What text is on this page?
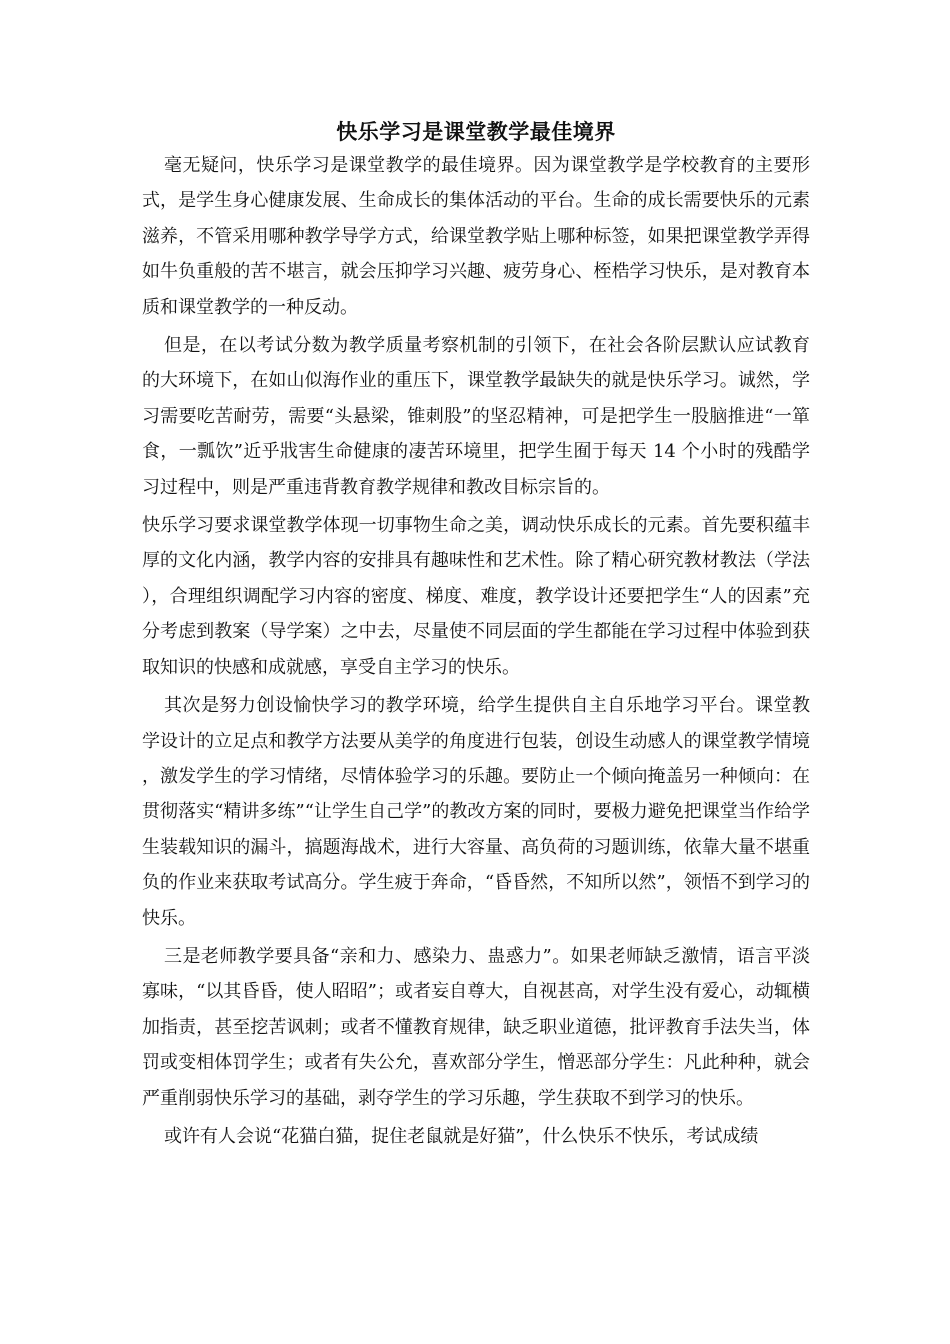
快乐学习是课堂教学最佳境界

毫无疑问，快乐学习是课堂教学的最佳境界。因为课堂教学是学校教育的主要形式，是学生身心健康发展、生命成长的集体活动的平台。生命的成长需要快乐的元素滋养，不管采用哪种教学导学方式，给课堂教学贴上哪种标签，如果把课堂教学弄得如牛负重般的苦不堪言，就会压抑学习兴趣、疲劳身心、桎梏学习快乐，是对教育本质和课堂教学的一种反动。

但是，在以考试分数为教学质量考察机制的引领下，在社会各阶层默认应试教育的大环境下，在如山似海作业的重压下，课堂教学最缺失的就是快乐学习。诚然，学习需要吃苦耐劳，需要“头悬梁，锥刺股”的坚忍精神，可是把学生一股脑推进“一箪食，一瓢饮”近乎戕害生命健康的凄苦环境里，把学生囿于每天 14 个小时的残酷学习过程中，则是严重违背教育教学规律和教改目标宗旨的。

快乐学习要求课堂教学体现一切事物生命之美，调动快乐成长的元素。首先要积蕴丰厚的文化内涵，教学内容的安排具有趣味性和艺术性。除了精心研究教材教法（学法），合理组织调配学习内容的密度、梯度、难度，教学设计还要把学生“人的因素”充分考虑到教案（导学案）之中去，尽量使不同层面的学生都能在学习过程中体验到获取知识的快感和成就感，享受自主学习的快乐。

其次是努力创设愉快学习的教学环境，给学生提供自主自乐地学习平台。课堂教学设计的立足点和教学方法要从美学的角度进行包装，创设生动感人的课堂教学情境，激发学生的学习情绪，尽情体验学习的乐趣。要防止一个倾向掩盖另一种倾向：在贯彻落实“精讲多练”“让学生自己学”的教改方案的同时，要极力避免把课堂当作给学生装载知识的漏斗，搞题海战术，进行大容量、高负荷的习题训练，依靠大量不堪重负的作业来获取考试高分。学生疲于奔命，“昏昏然，不知所以然”，领悟不到学习的快乐。

三是老师教学要具备“亲和力、感染力、蛊惑力”。如果老师缺乏激情，语言平淡寡味，“以其昏昏，使人昭昭”；或者妄自尊大，自视甚高，对学生没有爱心，动辄横加指责，甚至挖苦讽刺；或者不懂教育规律，缺乏职业道德，批评教育手法失当，体罚或变相体罚学生；或者有失公允，喜欢部分学生，憎恶部分学生：凡此种种，就会严重削弱快乐学习的基础，剥夺学生的学习乐趣，学生获取不到学习的快乐。

或许有人会说“花猫白猫，捉住老鼠就是好猫”，什么快乐不快乐，考试成绩
